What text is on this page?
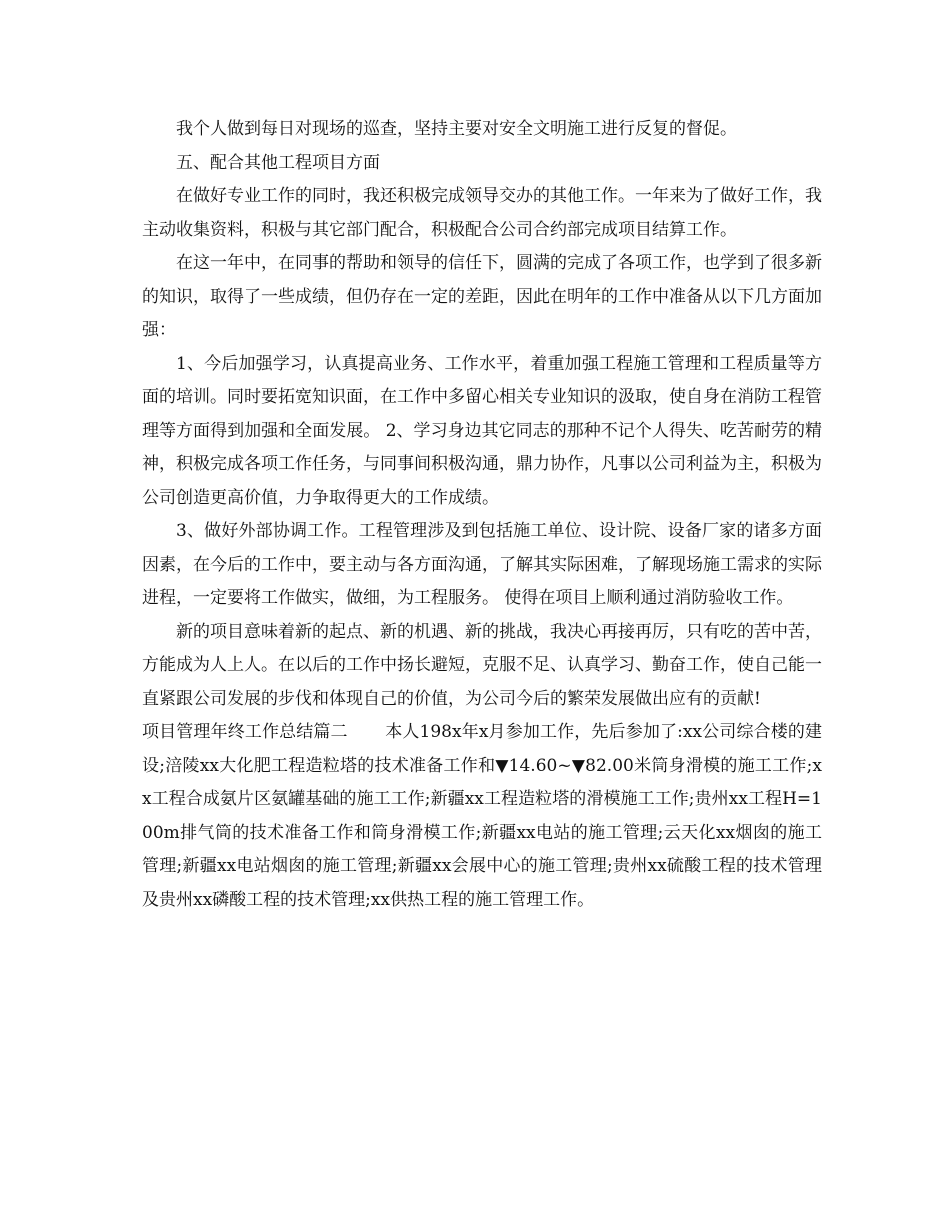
我个人做到每日对现场的巡查，坚持主要对安全文明施工进行反复的督促。

五、配合其他工程项目方面

在做好专业工作的同时，我还积极完成领导交办的其他工作。一年来为了做好工作，我主动收集资料，积极与其它部门配合，积极配合公司合约部完成项目结算工作。

在这一年中，在同事的帮助和领导的信任下，圆满的完成了各项工作，也学到了很多新的知识，取得了一些成绩，但仍存在一定的差距，因此在明年的工作中准备从以下几方面加强：

1、今后加强学习，认真提高业务、工作水平，着重加强工程施工管理和工程质量等方面的培训。同时要拓宽知识面，在工作中多留心相关专业知识的汲取，使自身在消防工程管理等方面得到加强和全面发展。 2、学习身边其它同志的那种不记个人得失、吃苦耐劳的精神，积极完成各项工作任务，与同事间积极沟通，鼎力协作，凡事以公司利益为主，积极为公司创造更高价值，力争取得更大的工作成绩。

3、做好外部协调工作。工程管理涉及到包括施工单位、设计院、设备厂家的诸多方面因素，在今后的工作中，要主动与各方面沟通，了解其实际困难，了解现场施工需求的实际进程，一定要将工作做实，做细，为工程服务。 使得在项目上顺利通过消防验收工作。

新的项目意味着新的起点、新的机遇、新的挑战，我决心再接再厉，只有吃的苦中苦，方能成为人上人。在以后的工作中扬长避短，克服不足、认真学习、勤奋工作，使自己能一直紧跟公司发展的步伐和体现自己的价值，为公司今后的繁荣发展做出应有的贡献!

项目管理年终工作总结篇二 本人198x年x月参加工作，先后参加了:xx公司综合楼的建设;涪陵xx大化肥工程造粒塔的技术准备工作和▼14.60~▼82.00米筒身滑模的施工工作;xx工程合成氨片区氨罐基础的施工工作;新疆xx工程造粒塔的滑模施工工作;贵州xx工程H=100m排气筒的技术准备工作和筒身滑模工作;新疆xx电站的施工管理;云天化xx烟囱的施工管理;新疆xx电站烟囱的施工管理;新疆xx会展中心的施工管理;贵州xx硫酸工程的技术管理及贵州xx磷酸工程的技术管理;xx供热工程的施工管理工作。
